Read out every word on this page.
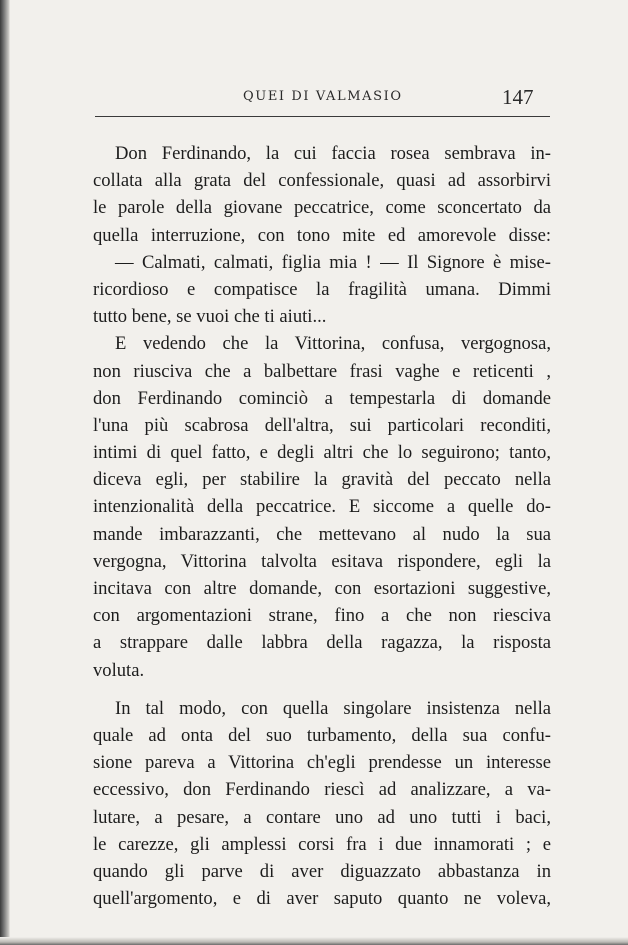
QUEI DI VALMASIO	147
Don Ferdinando, la cui faccia rosea sembrava in-
collata alla grata del confessionale, quasi ad assorbirvi
le parole della giovane peccatrice, come sconcertato da
quella interruzione, con tono mite ed amorevole disse:
— Calmati, calmati, figlia mia ! — Il Signore è mise-
ricordioso e compatisce la fragilità umana. Dimmi
tutto bene, se vuoi che ti aiuti...
E vedendo che la Vittorina, confusa, vergognosa,
non riusciva che a balbettare frasi vaghe e reticenti ,
don Ferdinando cominciò a tempestarla di domande
l'una più scabrosa dell'altra, sui particolari reconditi,
intimi di quel fatto, e degli altri che lo seguirono; tanto,
diceva egli, per stabilire la gravità del peccato nella
intenzionalità della peccatrice. E siccome a quelle do-
mande imbarazzanti, che mettevano al nudo la sua
vergogna, Vittorina talvolta esitava rispondere, egli la
incitava con altre domande, con esortazioni suggestive,
con argomentazioni strane, fino a che non riesciva
a strappare dalle labbra della ragazza, la risposta
voluta.
In tal modo, con quella singolare insistenza nella
quale ad onta del suo turbamento, della sua confu-
sione pareva a Vittorina ch'egli prendesse un interesse
eccessivo, don Ferdinando riescì ad analizzare, a va-
lutare, a pesare, a contare uno ad uno tutti i baci,
le carezze, gli amplessi corsi fra i due innamorati ; e
quando gli parve di aver diguazzato abbastanza in
quell'argomento, e di aver saputo quanto ne voleva,
